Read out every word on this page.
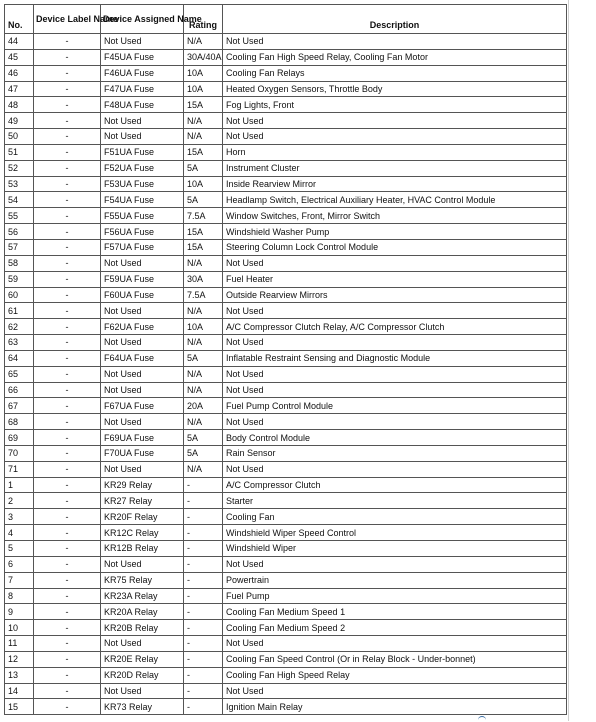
No.	Device Label Name	Device Assigned Name	Rating	Description
44	-	Not Used	N/A	Not Used
45	-	F45UA Fuse	30A/40A	Cooling Fan High Speed Relay, Cooling Fan Motor
46	-	F46UA Fuse	10A	Cooling Fan Relays
47	-	F47UA Fuse	10A	Heated Oxygen Sensors, Throttle Body
48	-	F48UA Fuse	15A	Fog Lights, Front
49	-	Not Used	N/A	Not Used
50	-	Not Used	N/A	Not Used
51	-	F51UA Fuse	15A	Horn
52	-	F52UA Fuse	5A	Instrument Cluster
53	-	F53UA Fuse	10A	Inside Rearview Mirror
54	-	F54UA Fuse	5A	Headlamp Switch, Electrical Auxiliary Heater, HVAC Control Module
55	-	F55UA Fuse	7.5A	Window Switches, Front, Mirror Switch
56	-	F56UA Fuse	15A	Windshield Washer Pump
57	-	F57UA Fuse	15A	Steering Column Lock Control Module
58	-	Not Used	N/A	Not Used
59	-	F59UA Fuse	30A	Fuel Heater
60	-	F60UA Fuse	7.5A	Outside Rearview Mirrors
61	-	Not Used	N/A	Not Used
62	-	F62UA Fuse	10A	A/C Compressor Clutch Relay, A/C Compressor Clutch
63	-	Not Used	N/A	Not Used
64	-	F64UA Fuse	5A	Inflatable Restraint Sensing and Diagnostic Module
65	-	Not Used	N/A	Not Used
66	-	Not Used	N/A	Not Used
67	-	F67UA Fuse	20A	Fuel Pump Control Module
68	-	Not Used	N/A	Not Used
69	-	F69UA Fuse	5A	Body Control Module
70	-	F70UA Fuse	5A	Rain Sensor
71	-	Not Used	N/A	Not Used
1	-	KR29 Relay	-	A/C Compressor Clutch
2	-	KR27 Relay	-	Starter
3	-	KR20F Relay	-	Cooling Fan
4	-	KR12C Relay	-	Windshield Wiper Speed Control
5	-	KR12B Relay	-	Windshield Wiper
6	-	Not Used	-	Not Used
7	-	KR75 Relay	-	Powertrain
8	-	KR23A Relay	-	Fuel Pump
9	-	KR20A Relay	-	Cooling Fan Medium Speed 1
10	-	KR20B Relay	-	Cooling Fan Medium Speed 2
11	-	Not Used	-	Not Used
12	-	KR20E Relay	-	Cooling Fan Speed Control (Or in Relay Block - Under-bonnet)
13	-	KR20D Relay	-	Cooling Fan High Speed Relay
14	-	Not Used	-	Not Used
15	-	KR73 Relay	-	Ignition Main Relay
